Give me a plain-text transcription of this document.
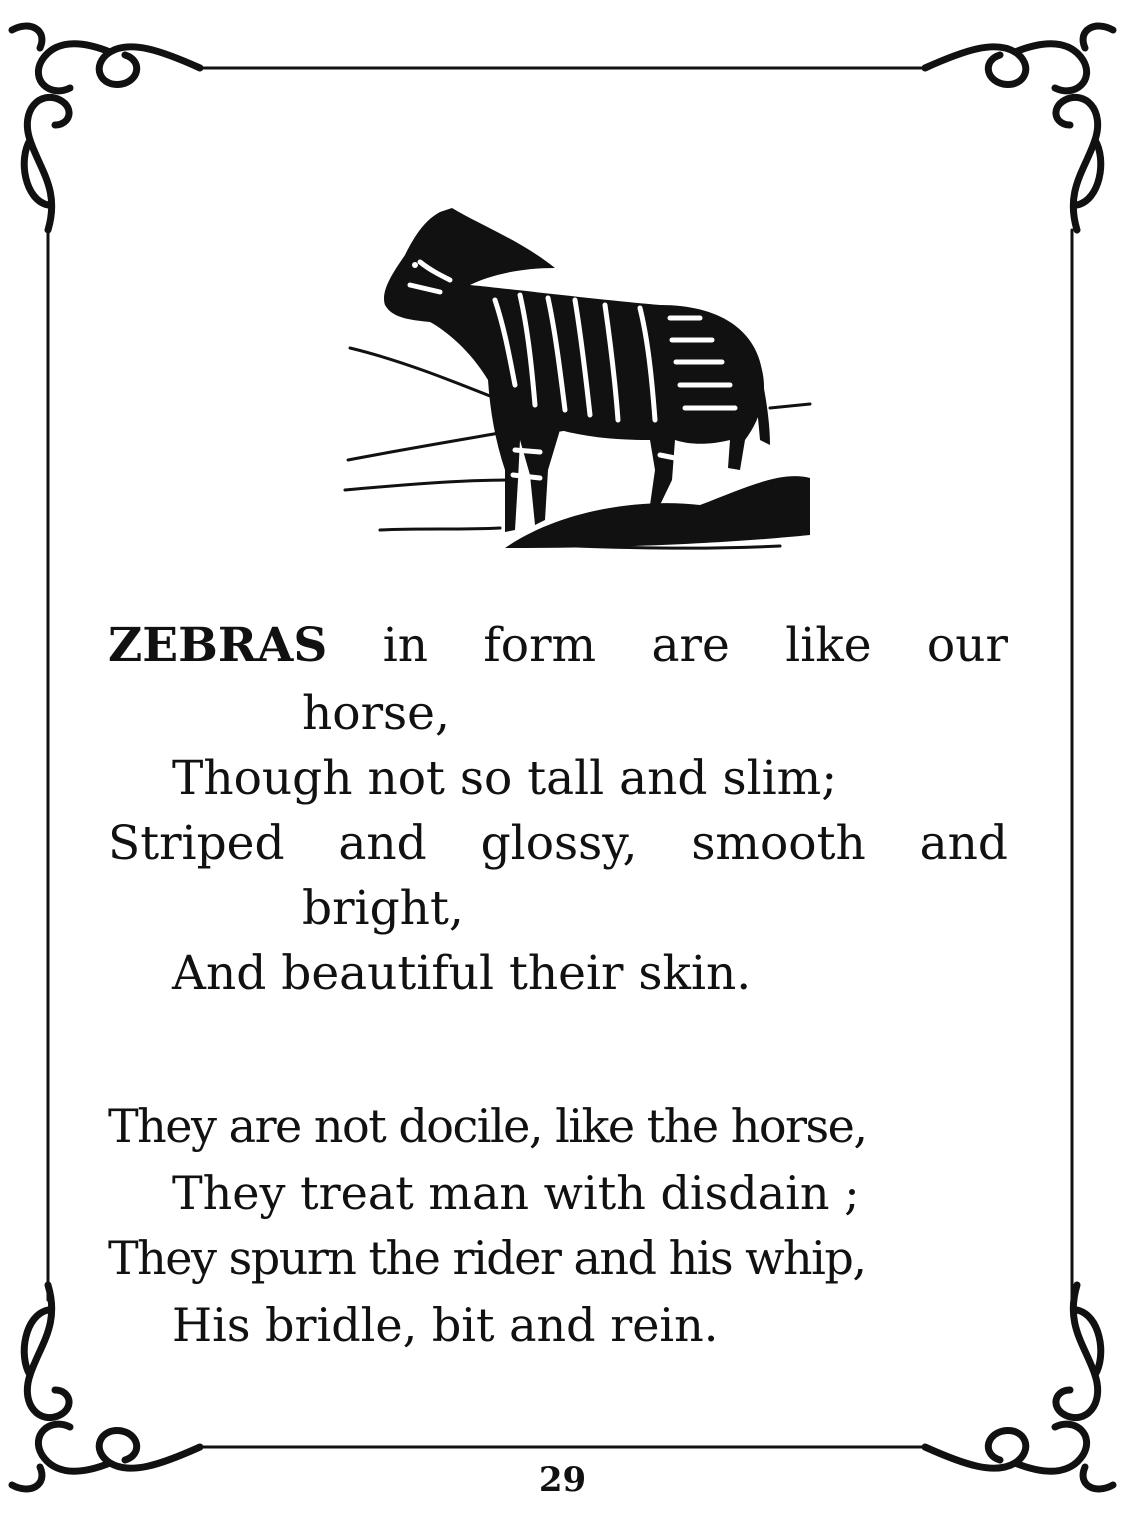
ZEBRAS in form are like our
horse,
Though not so tall and slim;
Striped and glossy, smooth and
bright,
And beautiful their skin.
They are not docile, like the horse,
They treat man with disdain ;
They spurn the rider and his whip,
His bridle, bit and rein.
29
